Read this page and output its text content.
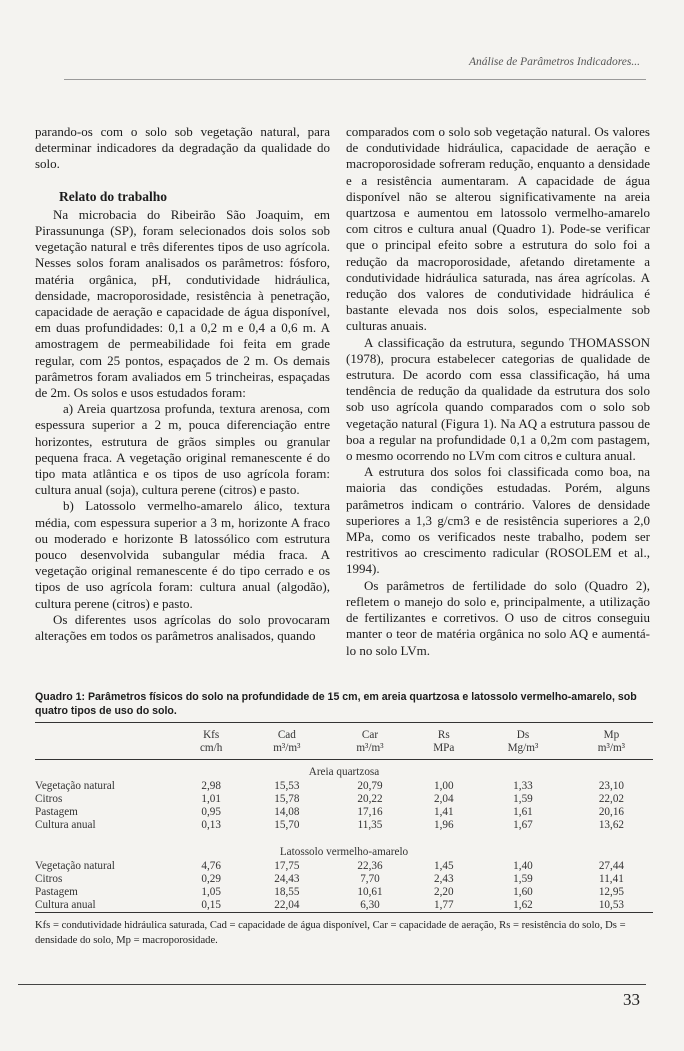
Análise de Parâmetros Indicadores...

parando-os com o solo sob vegetação natural, para determinar indicadores da degradação da qualidade do solo.

Relato do trabalho

Na microbacia do Ribeirão São Joaquim, em Pirassununga (SP), foram selecionados dois solos sob vegetação natural e três diferentes tipos de uso agrícola. Nesses solos foram analisados os parâmetros: fósforo, matéria orgânica, pH, condutividade hidráulica, densidade, macroporosidade, resistência à penetração, capacidade de aeração e capacidade de água disponível, em duas profundidades: 0,1 a 0,2 m e 0,4 a 0,6 m. A amostragem de permeabilidade foi feita em grade regular, com 25 pontos, espaçados de 2 m. Os demais parâmetros foram avaliados em 5 trincheiras, espaçadas de 2m. Os solos e usos estudados foram:

a) Areia quartzosa profunda, textura arenosa, com espessura superior a 2 m, pouca diferenciação entre horizontes, estrutura de grãos simples ou granular pequena fraca. A vegetação original remanescente é do tipo mata atlântica e os tipos de uso agrícola foram: cultura anual (soja), cultura perene (citros) e pasto.

b) Latossolo vermelho-amarelo álico, textura média, com espessura superior a 3 m, horizonte A fraco ou moderado e horizonte B latossólico com estrutura pouco desenvolvida subangular média fraca. A vegetação original remanescente é do tipo cerrado e os tipos de uso agrícola foram: cultura anual (algodão), cultura perene (citros) e pasto.

Os diferentes usos agrícolas do solo provocaram alterações em todos os parâmetros analisados, quando

comparados com o solo sob vegetação natural. Os valores de condutividade hidráulica, capacidade de aeração e macroporosidade sofreram redução, enquanto a densidade e a resistência aumentaram. A capacidade de água disponível não se alterou significativamente na areia quartzosa e aumentou em latossolo vermelho-amarelo com citros e cultura anual (Quadro 1). Pode-se verificar que o principal efeito sobre a estrutura do solo foi a redução da macroporosidade, afetando diretamente a condutividade hidráulica saturada, nas área agrícolas. A redução dos valores de condutividade hidráulica é bastante elevada nos dois solos, especialmente sob culturas anuais.

A classificação da estrutura, segundo THOMASSON (1978), procura estabelecer categorias de qualidade de estrutura. De acordo com essa classificação, há uma tendência de redução da qualidade da estrutura dos solo sob uso agrícola quando comparados com o solo sob vegetação natural (Figura 1). Na AQ a estrutura passou de boa a regular na profundidade 0,1 a 0,2m com pastagem, o mesmo ocorrendo no LVm com citros e cultura anual.

A estrutura dos solos foi classificada como boa, na maioria das condições estudadas. Porém, alguns parâmetros indicam o contrário. Valores de densidade superiores a 1,3 g/cm3 e de resistência superiores a 2,0 MPa, como os verificados neste trabalho, podem ser restritivos ao crescimento radicular (ROSOLEM et al., 1994).

Os parâmetros de fertilidade do solo (Quadro 2), refletem o manejo do solo e, principalmente, a utilização de fertilizantes e corretivos. O uso de citros conseguiu manter o teor de matéria orgânica no solo AQ e aumentá-lo no solo LVm.

Quadro 1: Parâmetros físicos do solo na profundidade de 15 cm, em areia quartzosa e latossolo vermelho-amarelo, sob quatro tipos de uso do solo.
	Kfs	Cad	Car	Rs	Ds	Mp
	cm/h	m³/m³	m³/m³	MPa	Mg/m³	m³/m³
Areia quartzosa						
Vegetação natural	2,98	15,53	20,79	1,00	1,33	23,10
Citros	1,01	15,78	20,22	2,04	1,59	22,02
Pastagem	0,95	14,08	17,16	1,41	1,61	20,16
Cultura anual	0,13	15,70	11,35	1,96	1,67	13,62

Latossolo vermelho-amarelo						
Vegetação natural	4,76	17,75	22,36	1,45	1,40	27,44
Citros	0,29	24,43	7,70	2,43	1,59	11,41
Pastagem	1,05	18,55	10,61	2,20	1,60	12,95
Cultura anual	0,15	22,04	6,30	1,77	1,62	10,53
Kfs = condutividade hidráulica saturada, Cad = capacidade de água disponível, Car = capacidade de aeração, Rs = resistência do solo, Ds = densidade do solo, Mp = macroporosidade.
33
